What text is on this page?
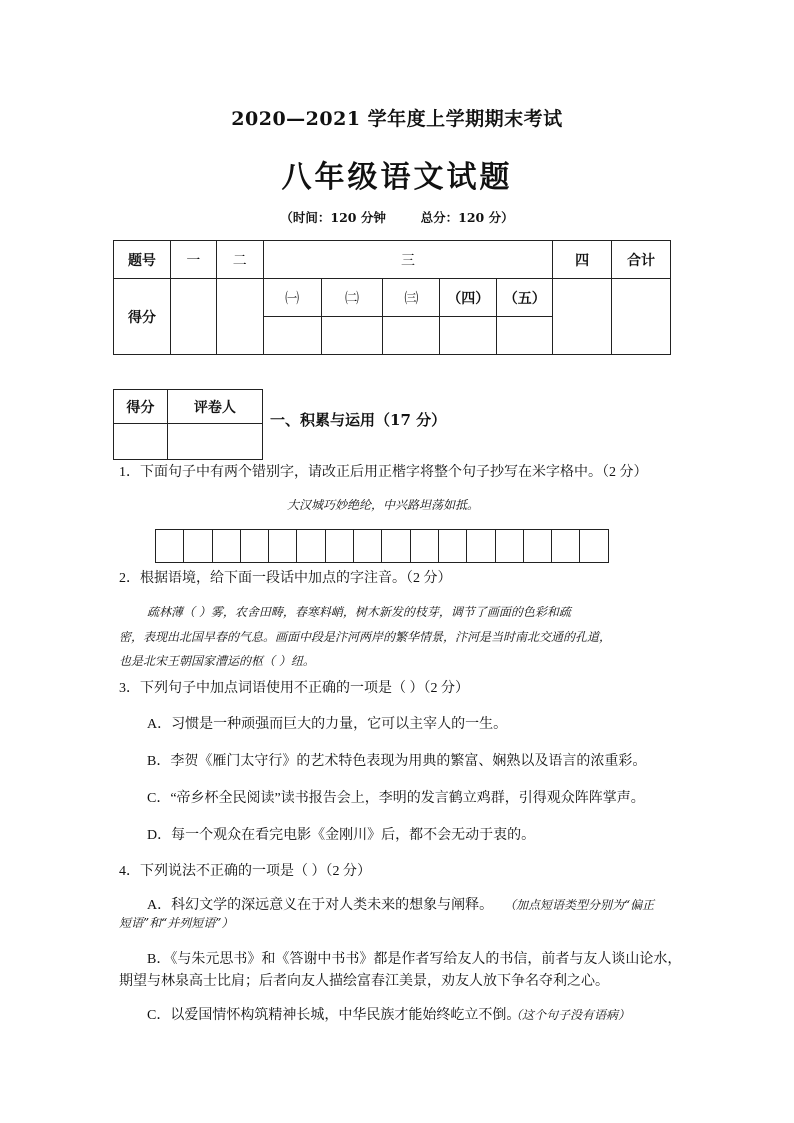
2020—2021 学年度上学期期末考试
八年级语文试题
（时间：120 分钟        总分：120 分）
题号	一	二	三					四	合计
得分			㈠	㈡	㈢	（四）	（五）		

得分	评卷人

一、积累与运用（17 分）
1．下面句子中有两个错别字，请改正后用正楷字将整个句子抄写在米字格中。（2 分）
大汉城巧妙绝纶，中兴路坦荡如抵。
2．根据语境，给下面一段话中加点的字注音。（2 分）
疏林薄（ ）雾，农舍田畴，春寒料峭，树木新发的枝芽，调节了画面的色彩和疏
密，表现出北国早春的气息。画面中段是汴河两岸的繁华情景，汴河是当时南北交通的孔道，
也是北宋王朝国家漕运的枢（ ）纽。
3．下列句子中加点词语使用不正确的一项是（ ）（2 分）
A．习惯是一种顽强而巨大的力量，它可以主宰人的一生。
B．李贺《雁门太守行》的艺术特色表现为用典的繁富、娴熟以及语言的浓重彩。
C．“帝乡杯全民阅读”读书报告会上，李明的发言鹤立鸡群，引得观众阵阵掌声。
D．每一个观众在看完电影《金刚川》后，都不会无动于衷的。
4．下列说法不正确的一项是（ ）（2 分）
A．科幻文学的深远意义在于对人类未来的想象与阐释。 （加点短语类型分别为“偏正
短语”和“并列短语”）
B．《与朱元思书》和《答谢中书书》都是作者写给友人的书信，前者与友人谈山论水，
期望与林泉高士比肩；后者向友人描绘富春江美景，劝友人放下争名夺利之心。
C．以爱国情怀构筑精神长城，中华民族才能始终屹立不倒。
（这个句子没有语病）
